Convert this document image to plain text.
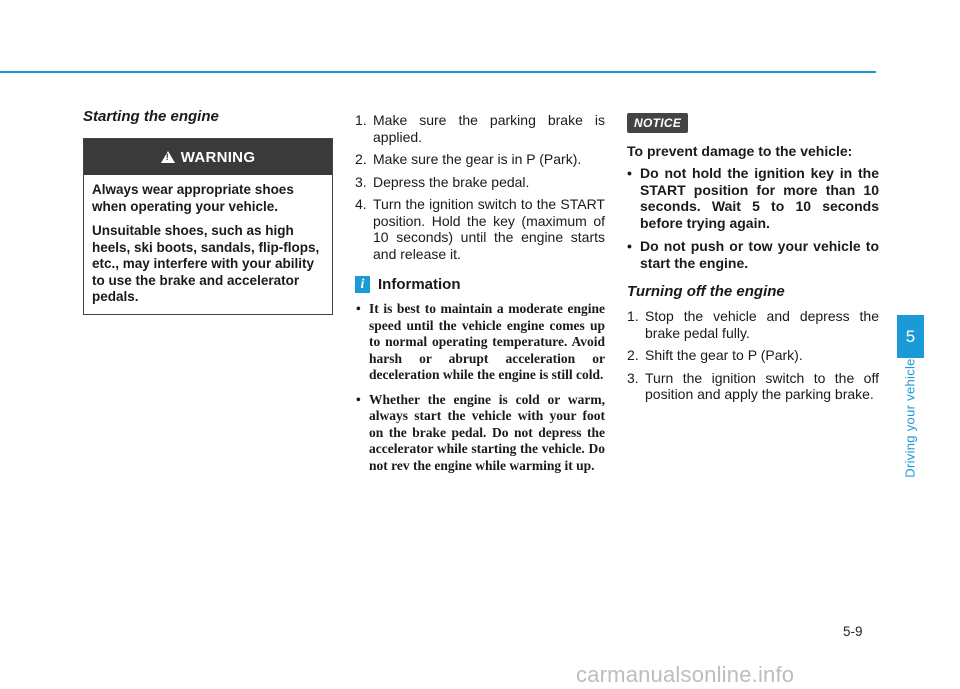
Starting the engine
!
WARNING

Always wear appropriate shoes when operating your vehicle.

Unsuitable shoes, such as high heels, ski boots, sandals, flip-flops, etc., may interfere with your ability to use the brake and accelerator pedals.

1. Make sure the parking brake is applied.
2. Make sure the gear is in P (Park).
3. Depress the brake pedal.
4. Turn the ignition switch to the START position. Hold the key (maximum of 10 seconds) until the engine starts and release it.
i Information
• It is best to maintain a moderate engine speed until the vehicle engine comes up to normal operating temperature. Avoid harsh or abrupt acceleration or deceleration while the engine is still cold.
• Whether the engine is cold or warm, always start the vehicle with your foot on the brake pedal. Do not depress the accelerator while starting the vehicle. Do not rev the engine while warming it up.
NOTICE
To prevent damage to the vehicle:
• Do not hold the ignition key in the START position for more than 10 seconds. Wait 5 to 10 seconds before trying again.
• Do not push or tow your vehicle to start the engine.
Turning off the engine
1. Stop the vehicle and depress the brake pedal fully.
2. Shift the gear to P (Park).
3. Turn the ignition switch to the off position and apply the parking brake.
5
Driving your vehicle
5-9
carmanualsonline.info
